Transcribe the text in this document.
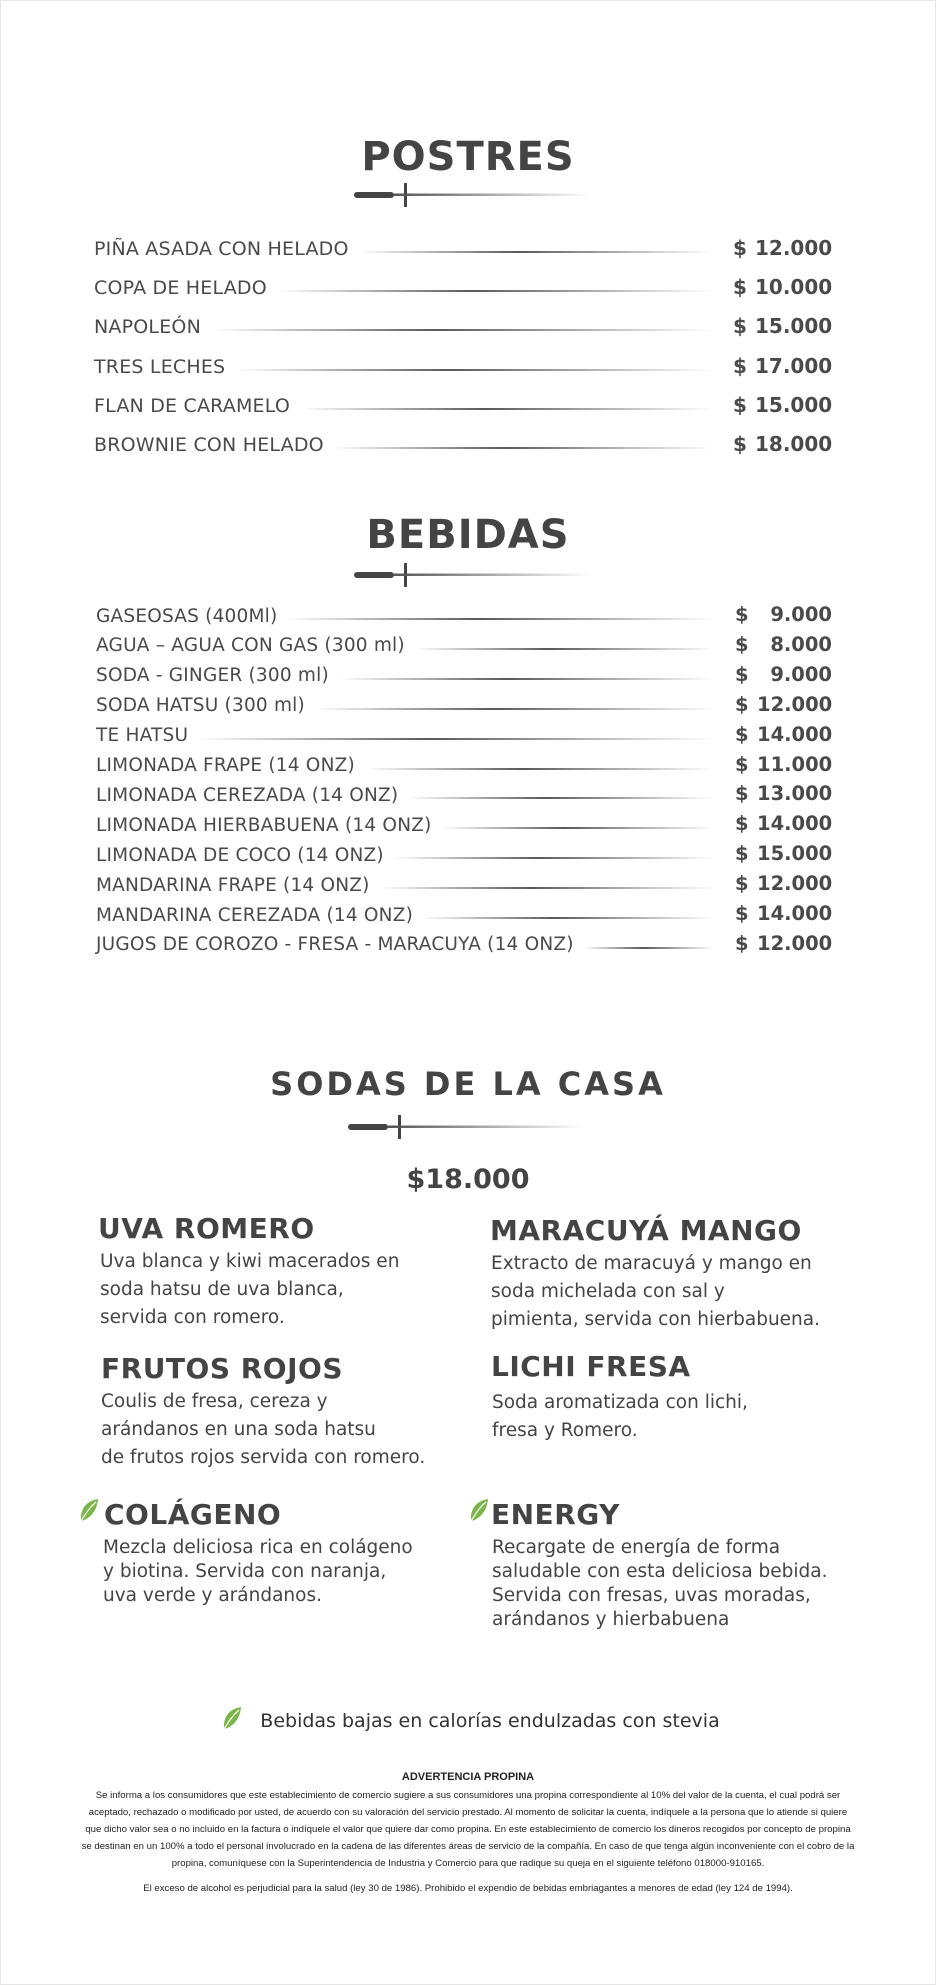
POSTRES
PIÑA ASADA CON HELADO	$ 12.000
COPA DE HELADO	$ 10.000
NAPOLEÓN	$ 15.000
TRES LECHES	$ 17.000
FLAN DE CARAMELO	$ 15.000
BROWNIE CON HELADO	$ 18.000
BEBIDAS
GASEOSAS (400Ml)	$ 9.000
AGUA – AGUA CON GAS (300 ml)	$ 8.000
SODA - GINGER (300 ml)	$ 9.000
SODA HATSU (300 ml)	$ 12.000
TE HATSU	$ 14.000
LIMONADA FRAPE (14 ONZ)	$ 11.000
LIMONADA CEREZADA (14 ONZ)	$ 13.000
LIMONADA HIERBABUENA (14 ONZ)	$ 14.000
LIMONADA DE COCO (14 ONZ)	$ 15.000
MANDARINA FRAPE (14 ONZ)	$ 12.000
MANDARINA CEREZADA (14 ONZ)	$ 14.000
JUGOS DE COROZO - FRESA - MARACUYA (14 ONZ)	$ 12.000
SODAS DE LA CASA
$18.000
UVA ROMERO
Uva blanca y kiwi macerados en
soda hatsu de uva blanca,
servida con romero.
MARACUYÁ MANGO
Extracto de maracuyá y mango en
soda michelada con sal y
pimienta, servida con hierbabuena.
FRUTOS ROJOS
Coulis de fresa, cereza y
arándanos en una soda hatsu
de frutos rojos servida con romero.
LICHI FRESA
Soda aromatizada con lichi,
fresa y Romero.
COLÁGENO
Mezcla deliciosa rica en colágeno
y biotina. Servida con naranja,
uva verde y arándanos.
ENERGY
Recargate de energía de forma
saludable con esta deliciosa bebida.
Servida con fresas, uvas moradas,
arándanos y hierbabuena
Bebidas bajas en calorías endulzadas con stevia
ADVERTENCIA PROPINA
Se informa a los consumidores que este establecimiento de comercio sugiere a sus consumidores una propina correspondiente al 10% del valor de la cuenta, el cual podrá ser aceptado, rechazado o modificado por usted, de acuerdo con su valoración del servicio prestado. Al momento de solicitar la cuenta, indíquele a la persona que lo atiende si quiere que dicho valor sea o no incluido en la factura o indíquele el valor que quiere dar como propina. En este establecimiento de comercio los dineros recogidos por concepto de propina se destinan en un 100% a todo el personal involucrado en la cadena de las diferentes áreas de servicio de la compañía. En caso de que tenga algún inconveniente con el cobro de la propina, comuníquese con la Superintendencia de Industria y Comercio para que radique su queja en el siguiente teléfono 018000-910165.
El exceso de alcohol es perjudicial para la salud (ley 30 de 1986). Prohibido el expendio de bebidas embriagantes a menores de edad (ley 124 de 1994).
